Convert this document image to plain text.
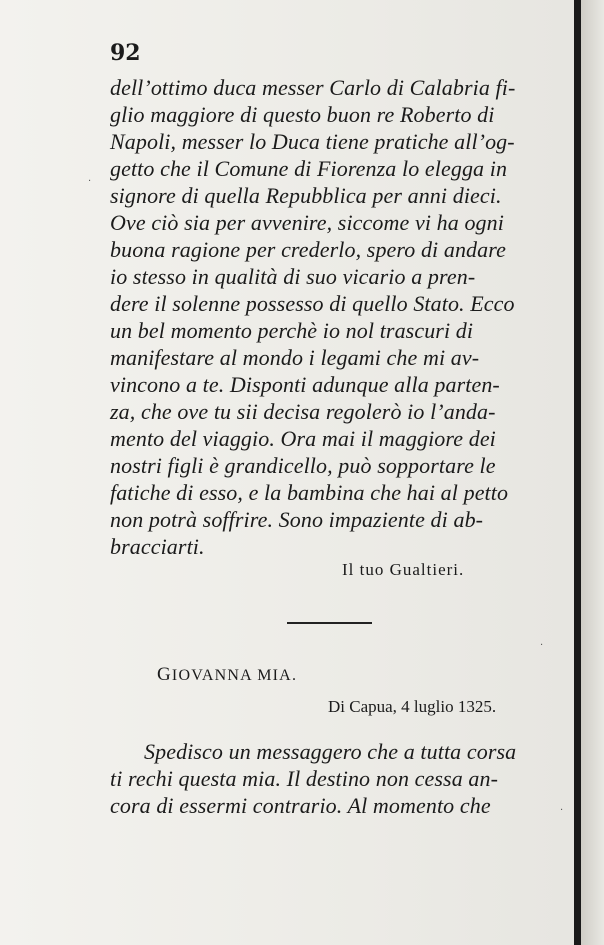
92
dell’ottimo duca messer Carlo di Calabria fi-
glio maggiore di questo buon re Roberto di
Napoli, messer lo Duca tiene pratiche all’og-
getto che il Comune di Fiorenza lo elegga in
signore di quella Repubblica per anni dieci.
Ove ciò sia per avvenire, siccome vi ha ogni
buona ragione per crederlo, spero di andare
io stesso in qualità di suo vicario a pren-
dere il solenne possesso di quello Stato. Ecco
un bel momento perchè io nol trascuri di
manifestare al mondo i legami che mi av-
vincono a te. Disponti adunque alla parten-
za, che ove tu sii decisa regolerò io l’anda-
mento del viaggio. Ora mai il maggiore dei
nostri figli è grandicello, può sopportare le
fatiche di esso, e la bambina che hai al petto
non potrà soffrire. Sono impaziente di ab-
bracciarti.
Il tuo Gualtieri.
GIOVANNA MIA.
Di Capua, 4 luglio 1325.
Spedisco un messaggero che a tutta corsa
ti rechi questa mia. Il destino non cessa an-
cora di essermi contrario. Al momento che
·
·
·
